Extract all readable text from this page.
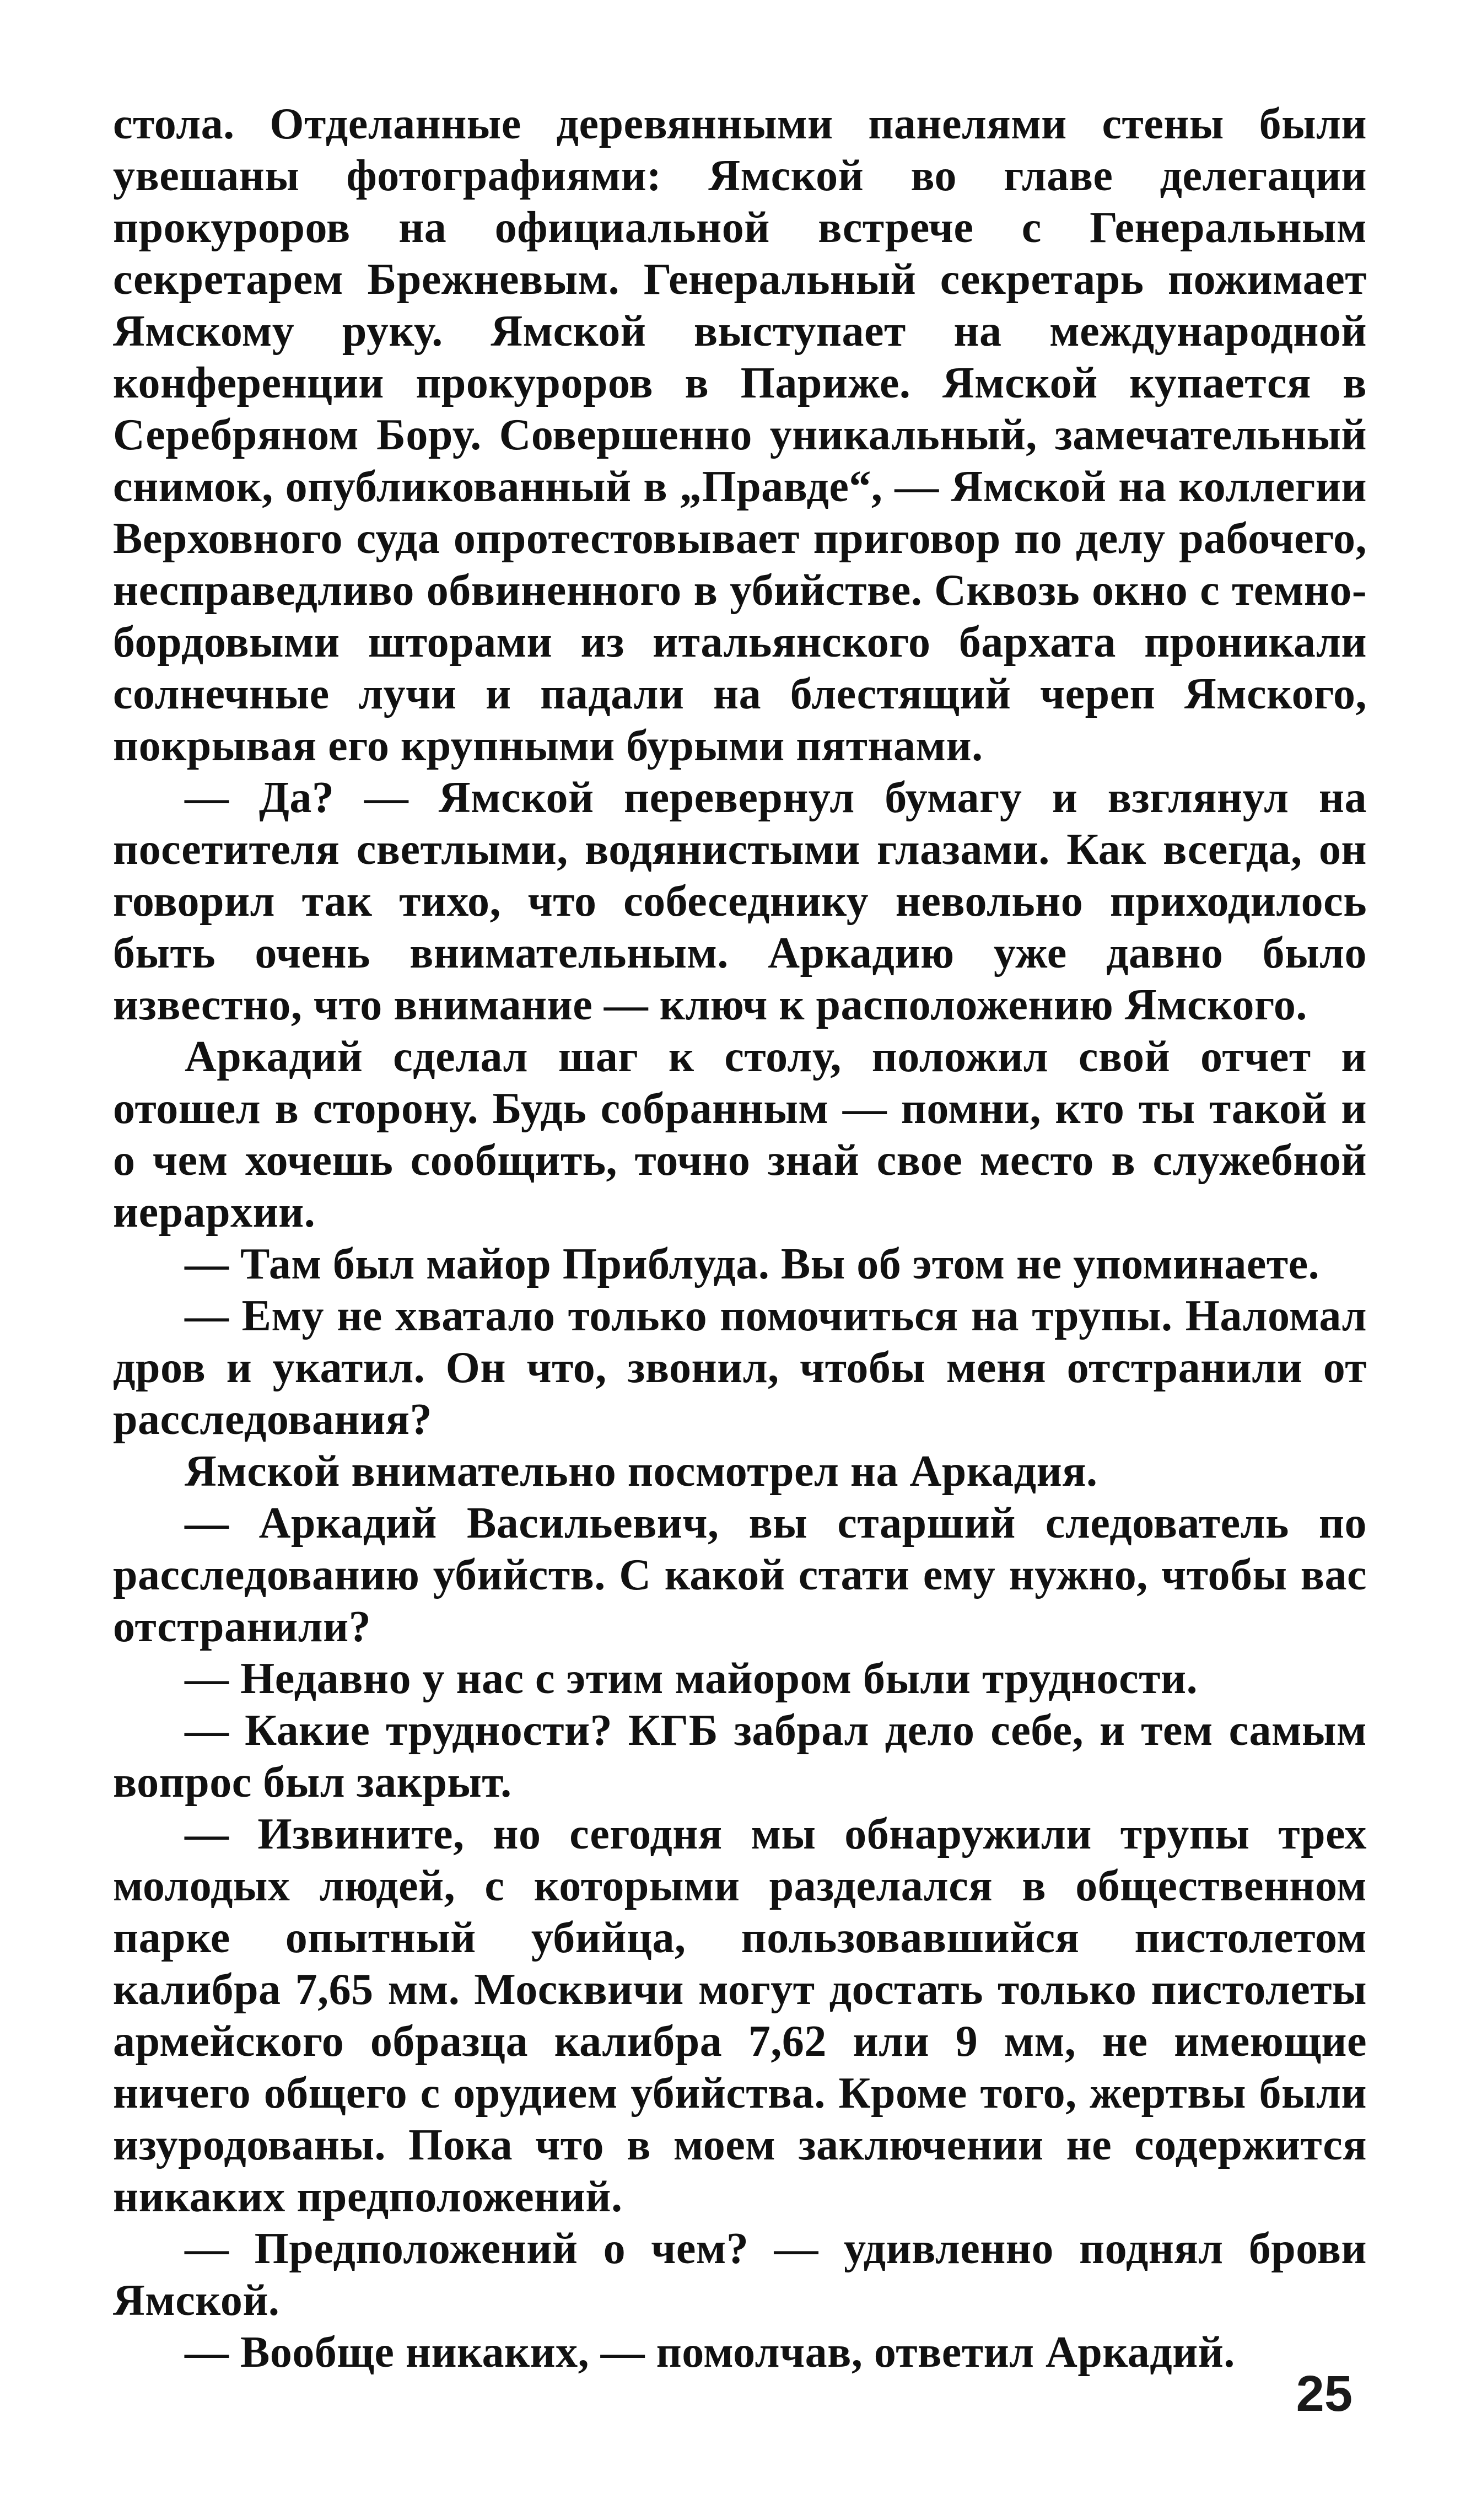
стола. Отделанные деревянными панелями стены были увешаны фотографиями: Ямской во главе делегации прокуроров на официальной встрече с Генеральным секретарем Брежневым. Генеральный секретарь пожимает Ямскому руку. Ямской выступает на международной конференции прокуроров в Париже. Ямской купается в Серебряном Бору. Совершенно уникальный, замечательный снимок, опубликованный в „Правде“, — Ямской на коллегии Верховного суда опротестовывает приговор по делу рабочего, несправедливо обвиненного в убийстве. Сквозь окно с темно-бордовыми шторами из итальянского бархата проникали солнечные лучи и падали на блестящий череп Ямского, покрывая его крупными бурыми пятнами.

— Да? — Ямской перевернул бумагу и взглянул на посетителя светлыми, водянистыми глазами. Как всегда, он говорил так тихо, что собеседнику невольно приходилось быть очень внимательным. Аркадию уже давно было известно, что внимание — ключ к расположению Ямского.

Аркадий сделал шаг к столу, положил свой отчет и отошел в сторону. Будь собранным — помни, кто ты такой и о чем хочешь сообщить, точно знай свое место в служебной иерархии.

— Там был майор Приблуда. Вы об этом не упоминаете.

— Ему не хватало только помочиться на трупы. Наломал дров и укатил. Он что, звонил, чтобы меня отстранили от расследования?

Ямской внимательно посмотрел на Аркадия.

— Аркадий Васильевич, вы старший следователь по расследованию убийств. С какой стати ему нужно, чтобы вас отстранили?

— Недавно у нас с этим майором были трудности.

— Какие трудности? КГБ забрал дело себе, и тем самым вопрос был закрыт.

— Извините, но сегодня мы обнаружили трупы трех молодых людей, с которыми разделался в общественном парке опытный убийца, пользовавшийся пистолетом калибра 7,65 мм. Москвичи могут достать только пистолеты армейского образца калибра 7,62 или 9 мм, не имеющие ничего общего с орудием убийства. Кроме того, жертвы были изуродованы. Пока что в моем заключении не содержится никаких предположений.

— Предположений о чем? — удивленно поднял брови Ямской.

— Вообще никаких, — помолчав, ответил Аркадий.

25
